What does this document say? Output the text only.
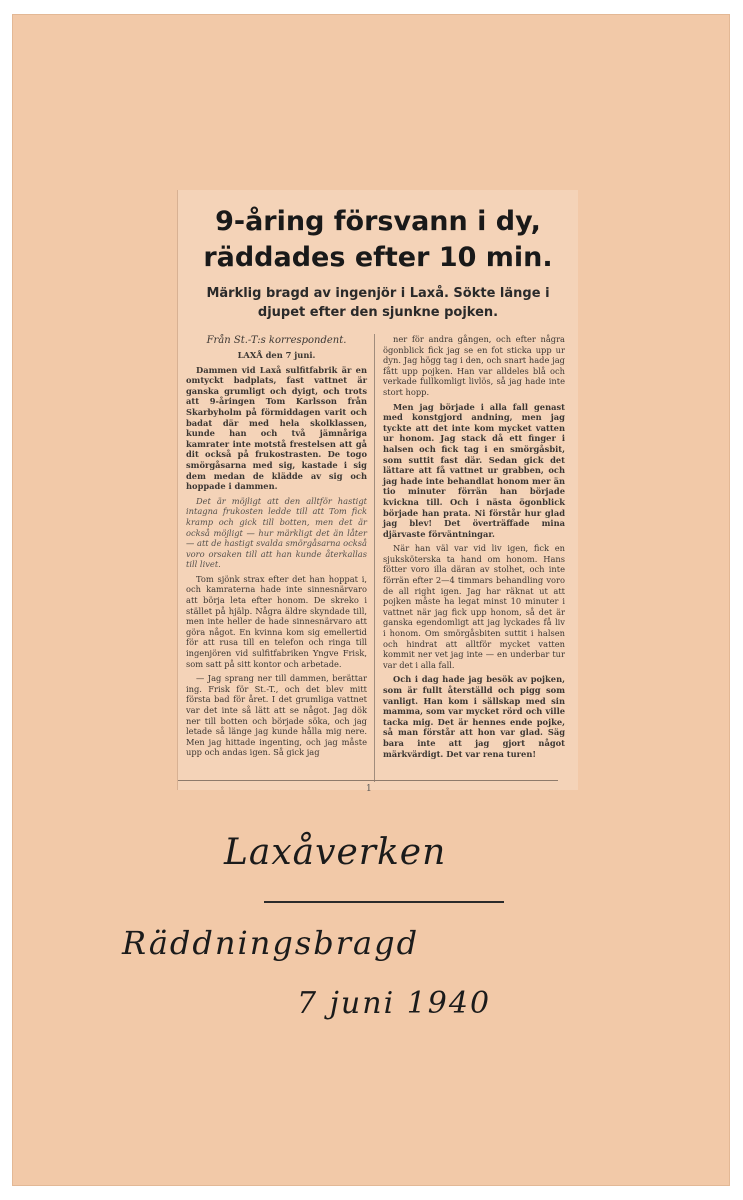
9-åring försvann i dy, räddades efter 10 min.
Märklig bragd av ingenjör i Laxå. Sökte länge i djupet efter den sjunkne pojken.

Från St.-T:s korrespondent.

LAXÅ den 7 juni.

Dammen vid Laxå sulfitfabrik är en omtyckt badplats, fast vattnet är ganska grumligt och dyigt, och trots att 9-åringen Tom Karlsson från Skarbyholm på förmiddagen varit och badat där med hela skolklassen, kunde han och två jämnåriga kamrater inte motstå frestelsen att gå dit också på frukostrasten. De togo smörgåsarna med sig, kastade i sig dem medan de klädde av sig och hoppade i dammen.

Det är möjligt att den alltför hastigt intagna frukosten ledde till att Tom fick kramp och gick till botten, men det är också möjligt — hur märkligt det än låter — att de hastigt svalda smörgåsarna också voro orsaken till att han kunde återkallas till livet.

Tom sjönk strax efter det han hoppat i, och kamraterna hade inte sinnesnärvaro att börja leta efter honom. De skreko i stället på hjälp. Några äldre skyndade till, men inte heller de hade sinnesnärvaro att göra något. En kvinna kom sig emellertid för att rusa till en telefon och ringa till ingenjören vid sulfitfabriken Yngve Frisk, som satt på sitt kontor och arbetade.

— Jag sprang ner till dammen, berättar ing. Frisk för St.-T., och det blev mitt första bad för året. I det grumliga vattnet var det inte så lätt att se något. Jag dök ner till botten och började söka, och jag letade så länge jag kunde hålla mig nere. Men jag hittade ingenting, och jag måste upp och andas igen. Så gick jag

ner för andra gången, och efter några ögonblick fick jag se en fot sticka upp ur dyn. Jag högg tag i den, och snart hade jag fått upp pojken. Han var alldeles blå och verkade fullkomligt livlös, så jag hade inte stort hopp.

Men jag började i alla fall genast med konstgjord andning, men jag tyckte att det inte kom mycket vatten ur honom. Jag stack då ett finger i halsen och fick tag i en smörgåsbit, som suttit fast där. Sedan gick det lättare att få vattnet ur grabben, och jag hade inte behandlat honom mer än tio minuter förrän han började kvickna till. Och i nästa ögonblick började han prata. Ni förstår hur glad jag blev! Det överträffade mina djärvaste förväntningar.

När han väl var vid liv igen, fick en sjuksköterska ta hand om honom. Hans fötter voro illa däran av stolhet, och inte förrän efter 2—4 timmars behandling voro de all right igen. Jag har räknat ut att pojken måste ha legat minst 10 minuter i vattnet när jag fick upp honom, så det är ganska egendomligt att jag lyckades få liv i honom. Om smörgåsbiten suttit i halsen och hindrat att alltför mycket vatten kommit ner vet jag inte — en underbar tur var det i alla fall.

Och i dag hade jag besök av pojken, som är fullt återställd och pigg som vanligt. Han kom i sällskap med sin mamma, som var mycket rörd och ville tacka mig. Det är hennes ende pojke, så man förstår att hon var glad. Säg bara inte att jag gjort något märkvärdigt. Det var rena turen!

1

Laxåverken

Räddningsbragd

7 juni 1940
